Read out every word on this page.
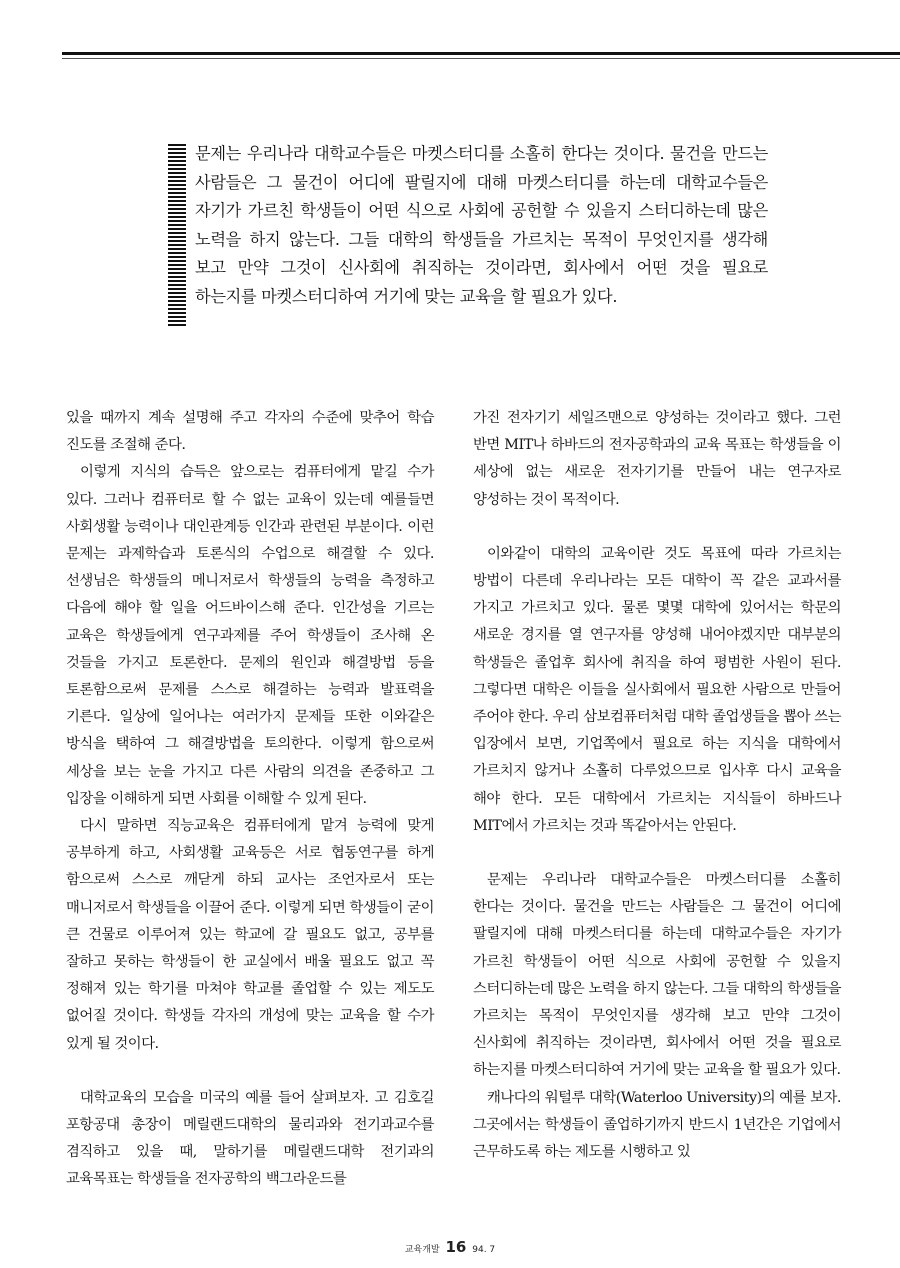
문제는 우리나라 대학교수들은 마켓스터디를 소홀히 한다는 것이다. 물건을 만드는 사람들은 그 물건이 어디에 팔릴지에 대해 마켓스터디를 하는데 대학교수들은 자기가 가르친 학생들이 어떤 식으로 사회에 공헌할 수 있을지 스터디하는데 많은 노력을 하지 않는다. 그들 대학의 학생들을 가르치는 목적이 무엇인지를 생각해 보고 만약 그것이 신사회에 취직하는 것이라면, 회사에서 어떤 것을 필요로 하는지를 마켓스터디하여 거기에 맞는 교육을 할 필요가 있다.

있을 때까지 계속 설명해 주고 각자의 수준에 맞추어 학습 진도를 조절해 준다.

이렇게 지식의 습득은 앞으로는 컴퓨터에게 맡길 수가 있다. 그러나 컴퓨터로 할 수 없는 교육이 있는데 예를들면 사회생활 능력이나 대인관계등 인간과 관련된 부분이다. 이런 문제는 과제학습과 토론식의 수업으로 해결할 수 있다. 선생님은 학생들의 메니저로서 학생들의 능력을 측정하고 다음에 해야 할 일을 어드바이스해 준다. 인간성을 기르는 교육은 학생들에게 연구과제를 주어 학생들이 조사해 온 것들을 가지고 토론한다. 문제의 원인과 해결방법 등을 토론함으로써 문제를 스스로 해결하는 능력과 발표력을 기른다. 일상에 일어나는 여러가지 문제들 또한 이와같은 방식을 택하여 그 해결방법을 토의한다. 이렇게 함으로써 세상을 보는 눈을 가지고 다른 사람의 의견을 존중하고 그 입장을 이해하게 되면 사회를 이해할 수 있게 된다.

다시 말하면 직능교육은 컴퓨터에게 맡겨 능력에 맞게 공부하게 하고, 사회생활 교육등은 서로 협동연구를 하게 함으로써 스스로 깨닫게 하되 교사는 조언자로서 또는 매니저로서 학생들을 이끌어 준다. 이렇게 되면 학생들이 굳이 큰 건물로 이루어져 있는 학교에 갈 필요도 없고, 공부를 잘하고 못하는 학생들이 한 교실에서 배울 필요도 없고 꼭 정해져 있는 학기를 마쳐야 학교를 졸업할 수 있는 제도도 없어질 것이다. 학생들 각자의 개성에 맞는 교육을 할 수가 있게 될 것이다.

대학교육의 모습을 미국의 예를 들어 살펴보자. 고 김호길 포항공대 총장이 메릴랜드대학의 물리과와 전기과교수를 겸직하고 있을 때, 말하기를 메릴랜드대학 전기과의 교육목표는 학생들을 전자공학의 백그라운드를

가진 전자기기 세일즈맨으로 양성하는 것이라고 했다. 그런 반면 MIT나 하바드의 전자공학과의 교육 목표는 학생들을 이 세상에 없는 새로운 전자기기를 만들어 내는 연구자로 양성하는 것이 목적이다.

이와같이 대학의 교육이란 것도 목표에 따라 가르치는 방법이 다른데 우리나라는 모든 대학이 꼭 같은 교과서를 가지고 가르치고 있다. 물론 몇몇 대학에 있어서는 학문의 새로운 경지를 열 연구자를 양성해 내어야겠지만 대부분의 학생들은 졸업후 회사에 취직을 하여 평범한 사원이 된다. 그렇다면 대학은 이들을 실사회에서 필요한 사람으로 만들어 주어야 한다. 우리 삼보컴퓨터처럼 대학 졸업생들을 뽑아 쓰는 입장에서 보면, 기업쪽에서 필요로 하는 지식을 대학에서 가르치지 않거나 소홀히 다루었으므로 입사후 다시 교육을 해야 한다. 모든 대학에서 가르치는 지식들이 하바드나 MIT에서 가르치는 것과 똑같아서는 안된다.

문제는 우리나라 대학교수들은 마켓스터디를 소홀히 한다는 것이다. 물건을 만드는 사람들은 그 물건이 어디에 팔릴지에 대해 마켓스터디를 하는데 대학교수들은 자기가 가르친 학생들이 어떤 식으로 사회에 공헌할 수 있을지 스터디하는데 많은 노력을 하지 않는다. 그들 대학의 학생들을 가르치는 목적이 무엇인지를 생각해 보고 만약 그것이 신사회에 취직하는 것이라면, 회사에서 어떤 것을 필요로 하는지를 마켓스터디하여 거기에 맞는 교육을 할 필요가 있다.

캐나다의 워털루 대학(Waterloo University)의 예를 보자. 그곳에서는 학생들이 졸업하기까지 반드시 1년간은 기업에서 근무하도록 하는 제도를 시행하고 있

교육개발 16 94. 7
